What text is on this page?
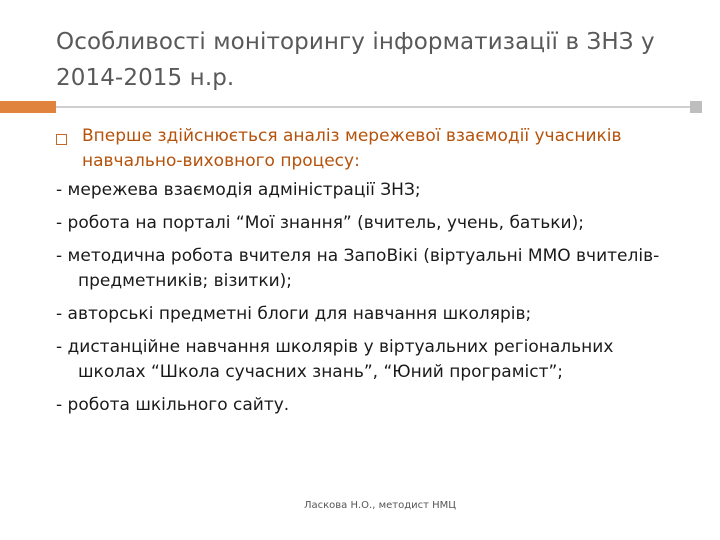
Особливості моніторингу інформатизації в ЗНЗ у 2014-2015 н.р.
Вперше здійснюється аналіз мережевої взаємодії учасників навчально-виховного процесу:

- мережева взаємодія адміністрації ЗНЗ;

- робота на порталі “Мої знання” (вчитель, учень, батьки);

- методична робота вчителя на ЗапоВікі (віртуальні ММО вчителів-предметників; візитки);

- авторські предметні блоги для навчання школярів;

- дистанційне навчання школярів у віртуальних регіональних школах “Школа сучасних знань”, “Юний програміст”;

- робота шкільного сайту.

Ласкова Н.О., методист НМЦ
